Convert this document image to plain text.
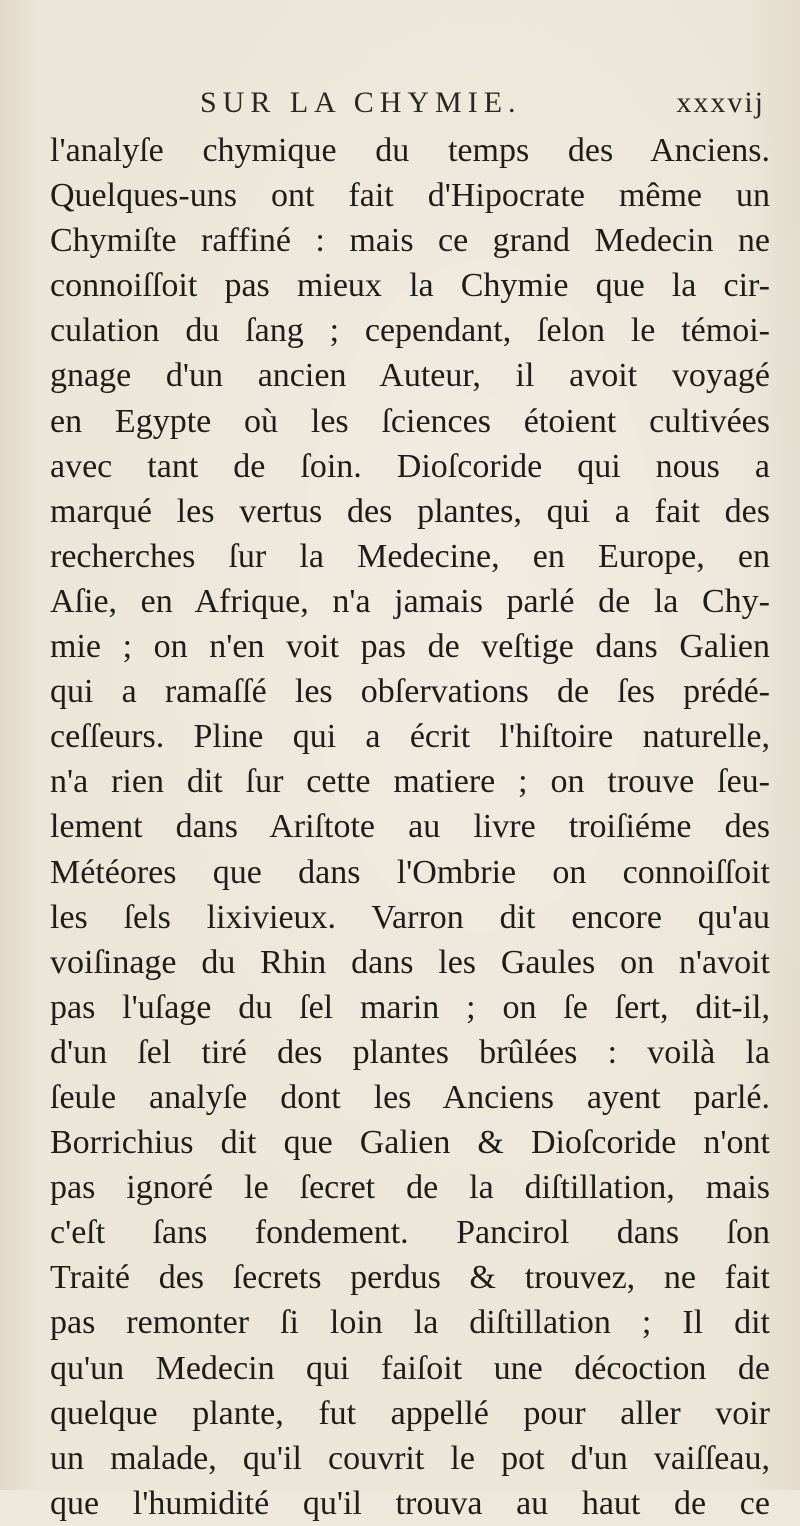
SUR LA CHYMIE.	xxxvij
l'analyſe chymique du temps des Anciens.
Quelques-uns ont fait d'Hipocrate même un
Chymiſte raffiné : mais ce grand Medecin ne
connoiſſoit pas mieux la Chymie que la cir-
culation du ſang ; cependant, ſelon le témoi-
gnage d'un ancien Auteur, il avoit voyagé
en Egypte où les ſciences étoient cultivées
avec tant de ſoin. Dioſcoride qui nous a
marqué les vertus des plantes, qui a fait des
recherches ſur la Medecine, en Europe, en
Aſie, en Afrique, n'a jamais parlé de la Chy-
mie ; on n'en voit pas de veſtige dans Galien
qui a ramaſſé les obſervations de ſes prédé-
ceſſeurs. Pline qui a écrit l'hiſtoire naturelle,
n'a rien dit ſur cette matiere ; on trouve ſeu-
lement dans Ariſtote au livre troiſiéme des
Météores que dans l'Ombrie on connoiſſoit
les ſels lixivieux. Varron dit encore qu'au
voiſinage du Rhin dans les Gaules on n'avoit
pas l'uſage du ſel marin ; on ſe ſert, dit-il,
d'un ſel tiré des plantes brûlées : voilà la
ſeule analyſe dont les Anciens ayent parlé.
Borrichius dit que Galien & Dioſcoride n'ont
pas ignoré le ſecret de la diſtillation, mais
c'eſt ſans fondement. Pancirol dans ſon
Traité des ſecrets perdus & trouvez, ne fait
pas remonter ſi loin la diſtillation ; Il dit
qu'un Medecin qui faiſoit une décoction de
quelque plante, fut appellé pour aller voir
un malade, qu'il couvrit le pot d'un vaiſſeau,
que l'humidité qu'il trouva au haut de ce
